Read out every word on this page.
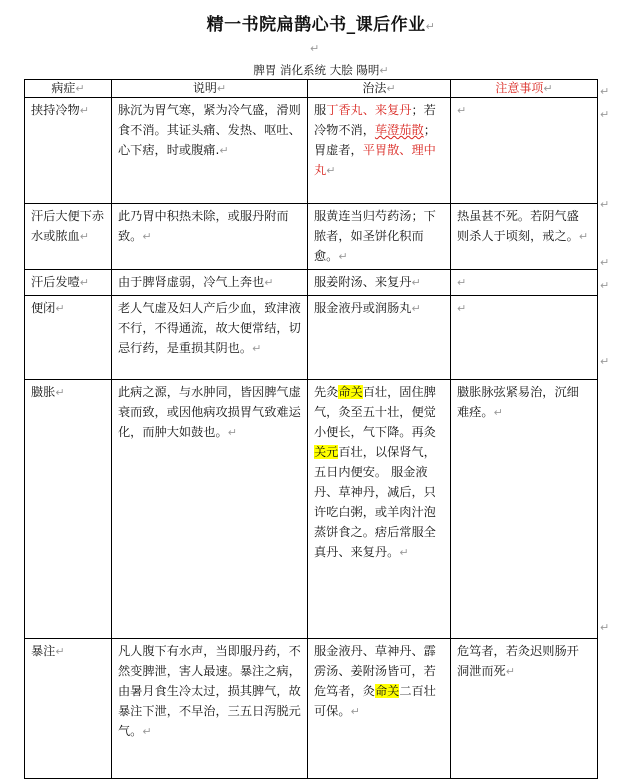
精一书院扁鹊心书_课后作业↵
↵
脾胃 消化系统 大脍 陽明↵
病症↵	说明↵	治法↵	注意事项↵
挟持冷物↵	脉沉为胃气寒，紧为冷气盛，滑则食不消。其证头痛、发热、呕吐、心下痞，时或腹痛.↵	服丁香丸、来复丹；若冷物不消，荜澄茄散；胃虚者，平胃散、理中丸↵	↵
汗后大便下赤水或脓血↵	此乃胃中积热未除，或服丹附而致。↵	服黄连当归芍药汤；下脓者，如圣饼化积而愈。↵	热虽甚不死。若阴气盛则杀人于顷刻，戒之。↵
汗后发噎↵	由于脾肾虚弱，冷气上奔也↵	服姜附汤、来复丹↵	↵
便闭↵	老人气虚及妇人产后少血，致津液不行，不得通流，故大便常结，切忌行药，是重损其阴也。↵	服金液丹或润肠丸↵	↵
臌胀↵	此病之源，与水肿同，皆因脾气虚衰而致，或因他病攻损胃气致难运化，而肿大如鼓也。↵	先灸命关百壮，固住脾气，灸至五十壮，便觉小便长，气下降。再灸关元百壮，以保肾气，五日内便安。 服金液丹、草神丹，减后，只许吃白粥，或羊肉汁泡蒸饼食之。痞后常服全真丹、来复丹。↵	臌胀脉弦紧易治，沉细难痊。↵
暴注↵	凡人腹下有水声，当即服丹药，不然变脾泄，害人最速。暴注之病，由暑月食生冷太过，损其脾气，故暴注下泄，不早治，三五日泻脱元气。↵	服金液丹、草神丹、霹雳汤、姜附汤皆可，若危笃者，灸命关二百壮可保。↵	危笃者，若灸迟则肠开洞泄而死↵
↵
↵
↵
↵
↵
↵
↵
